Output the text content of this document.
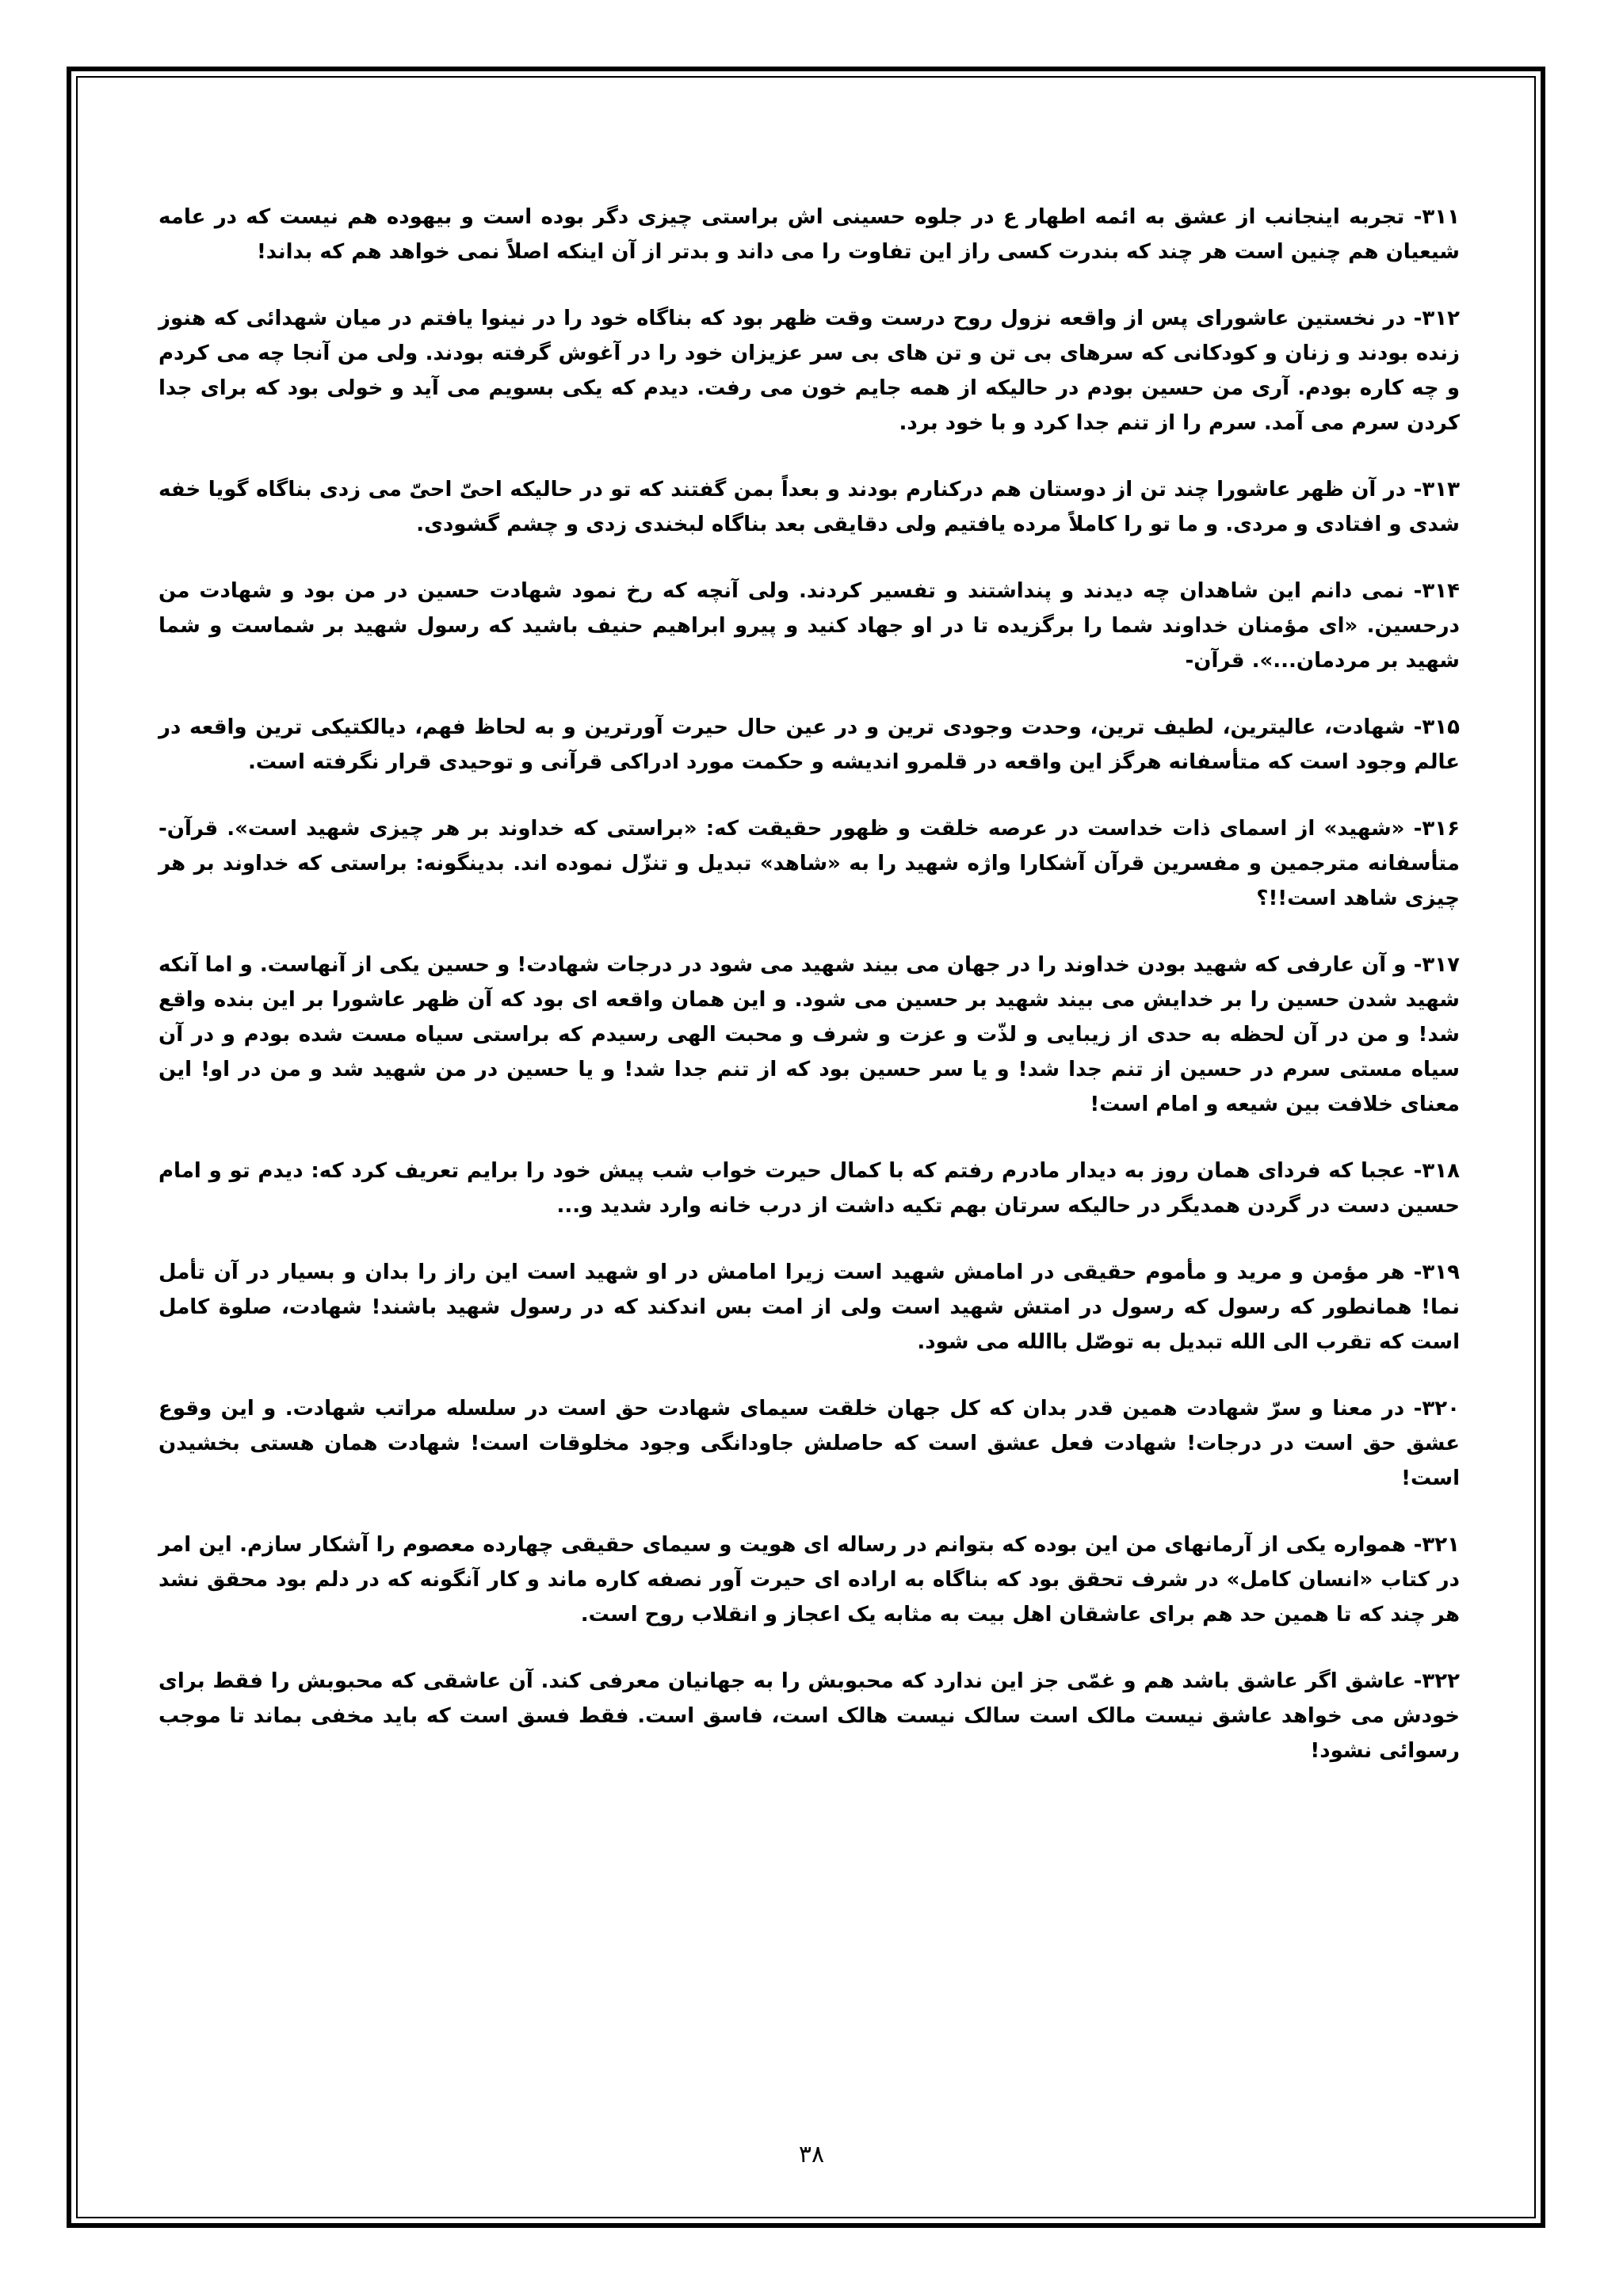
۳۱۱- تجربه اینجانب از عشق به ائمه اطهار ع در جلوه حسینی اش براستی چیزی دگر بوده است و بیهوده هم نیست که در عامه شیعیان هم چنین است هر چند که بندرت کسی راز این تفاوت را می داند و بدتر از آن اینکه اصلاً نمی خواهد هم که بداند!

۳۱۲- در نخستین عاشورای پس از واقعه نزول روح درست وقت ظهر بود که بناگاه خود را در نینوا یافتم در میان شهدائی که هنوز زنده بودند و زنان و کودکانی که سرهای بی تن و تن های بی سر عزیزان خود را در آغوش گرفته بودند. ولی من آنجا چه می کردم و چه کاره بودم. آری من حسین بودم در حالیکه از همه جایم خون می رفت. دیدم که یکی بسویم می آید و خولی بود که برای جدا کردن سرم می آمد. سرم را از تنم جدا کرد و با خود برد.

۳۱۳- در آن ظهر عاشورا چند تن از دوستان هم درکنارم بودند و بعداً بمن گفتند که تو در حالیکه احیّ احیّ می زدی بناگاه گویا خفه شدی و افتادی و مردی. و ما تو را کاملاً مرده یافتیم ولی دقایقی بعد بناگاه لبخندی زدی و چشم گشودی.

۳۱۴- نمی دانم این شاهدان چه دیدند و پنداشتند و تفسیر کردند. ولی آنچه که رخ نمود شهادت حسین در من بود و شهادت من درحسین. «ای مؤمنان خداوند شما را برگزیده تا در او جهاد کنید و پیرو ابراهیم حنیف باشید که رسول شهید بر شماست و شما شهید بر مردمان...». قرآن-

۳۱۵- شهادت، عالیترین، لطیف ترین، وحدت وجودی ترین و در عین حال حیرت آورترین و به لحاظ فهم، دیالکتیکی ترین واقعه در عالم وجود است که متأسفانه هرگز این واقعه در قلمرو اندیشه و حکمت مورد ادراکی قرآنی و توحیدی قرار نگرفته است.

۳۱۶- «شهید» از اسمای ذات خداست در عرصه خلقت و ظهور حقیقت که: «براستی که خداوند بر هر چیزی شهید است». قرآن- متأسفانه مترجمین و مفسرین قرآن آشکارا واژه شهید را به «شاهد» تبدیل و تنزّل نموده اند. بدینگونه: براستی که خداوند بر هر چیزی شاهد است!!؟

۳۱۷- و آن عارفی که شهید بودن خداوند را در جهان می بیند شهید می شود در درجات شهادت! و حسین یکی از آنهاست. و اما آنکه شهید شدن حسین را بر خدایش می بیند شهید بر حسین می شود. و این همان واقعه ای بود که آن ظهر عاشورا بر این بنده واقع شد! و من در آن لحظه به حدی از زیبایی و لذّت و عزت و شرف و محبت الهی رسیدم که براستی سیاه مست شده بودم و در آن سیاه مستی سرم در حسین از تنم جدا شد! و یا سر حسین بود که از تنم جدا شد! و یا حسین در من شهید شد و من در او! این معنای خلافت بین شیعه و امام است!

۳۱۸- عجبا که فردای همان روز به دیدار مادرم رفتم که با کمال حیرت خواب شب پیش خود را برایم تعریف کرد که: دیدم تو و امام حسین دست در گردن همدیگر در حالیکه سرتان بهم تکیه داشت از درب خانه وارد شدید و...

۳۱۹- هر مؤمن و مرید و مأموم حقیقی در امامش شهید است زیرا امامش در او شهید است این راز را بدان و بسیار در آن تأمل نما! همانطور که رسول که رسول در امتش شهید است ولی از امت بس اندکند که در رسول شهید باشند! شهادت، صلوة کامل است که تقرب الی الله تبدیل به توصّل باالله می شود.

۳۲۰- در معنا و سرّ شهادت همین قدر بدان که کل جهان خلقت سیمای شهادت حق است در سلسله مراتب شهادت. و این وقوع عشق حق است در درجات! شهادت فعل عشق است که حاصلش جاودانگی وجود مخلوقات است! شهادت همان هستی بخشیدن است!

۳۲۱- همواره یکی از آرمانهای من این بوده که بتوانم در رساله ای هویت و سیمای حقیقی چهارده معصوم را آشکار سازم. این امر در کتاب «انسان کامل» در شرف تحقق بود که بناگاه به اراده ای حیرت آور نصفه کاره ماند و کار آنگونه که در دلم بود محقق نشد هر چند که تا همین حد هم برای عاشقان اهل بیت به مثابه یک اعجاز و انقلاب روح است.

۳۲۲- عاشق اگر عاشق باشد هم و غمّی جز این ندارد که محبوبش را به جهانیان معرفی کند. آن عاشقی که محبوبش را فقط برای خودش می خواهد عاشق نیست مالک است سالک نیست هالک است، فاسق است. فقط فسق است که باید مخفی بماند تا موجب رسوائی نشود!

۳۸
